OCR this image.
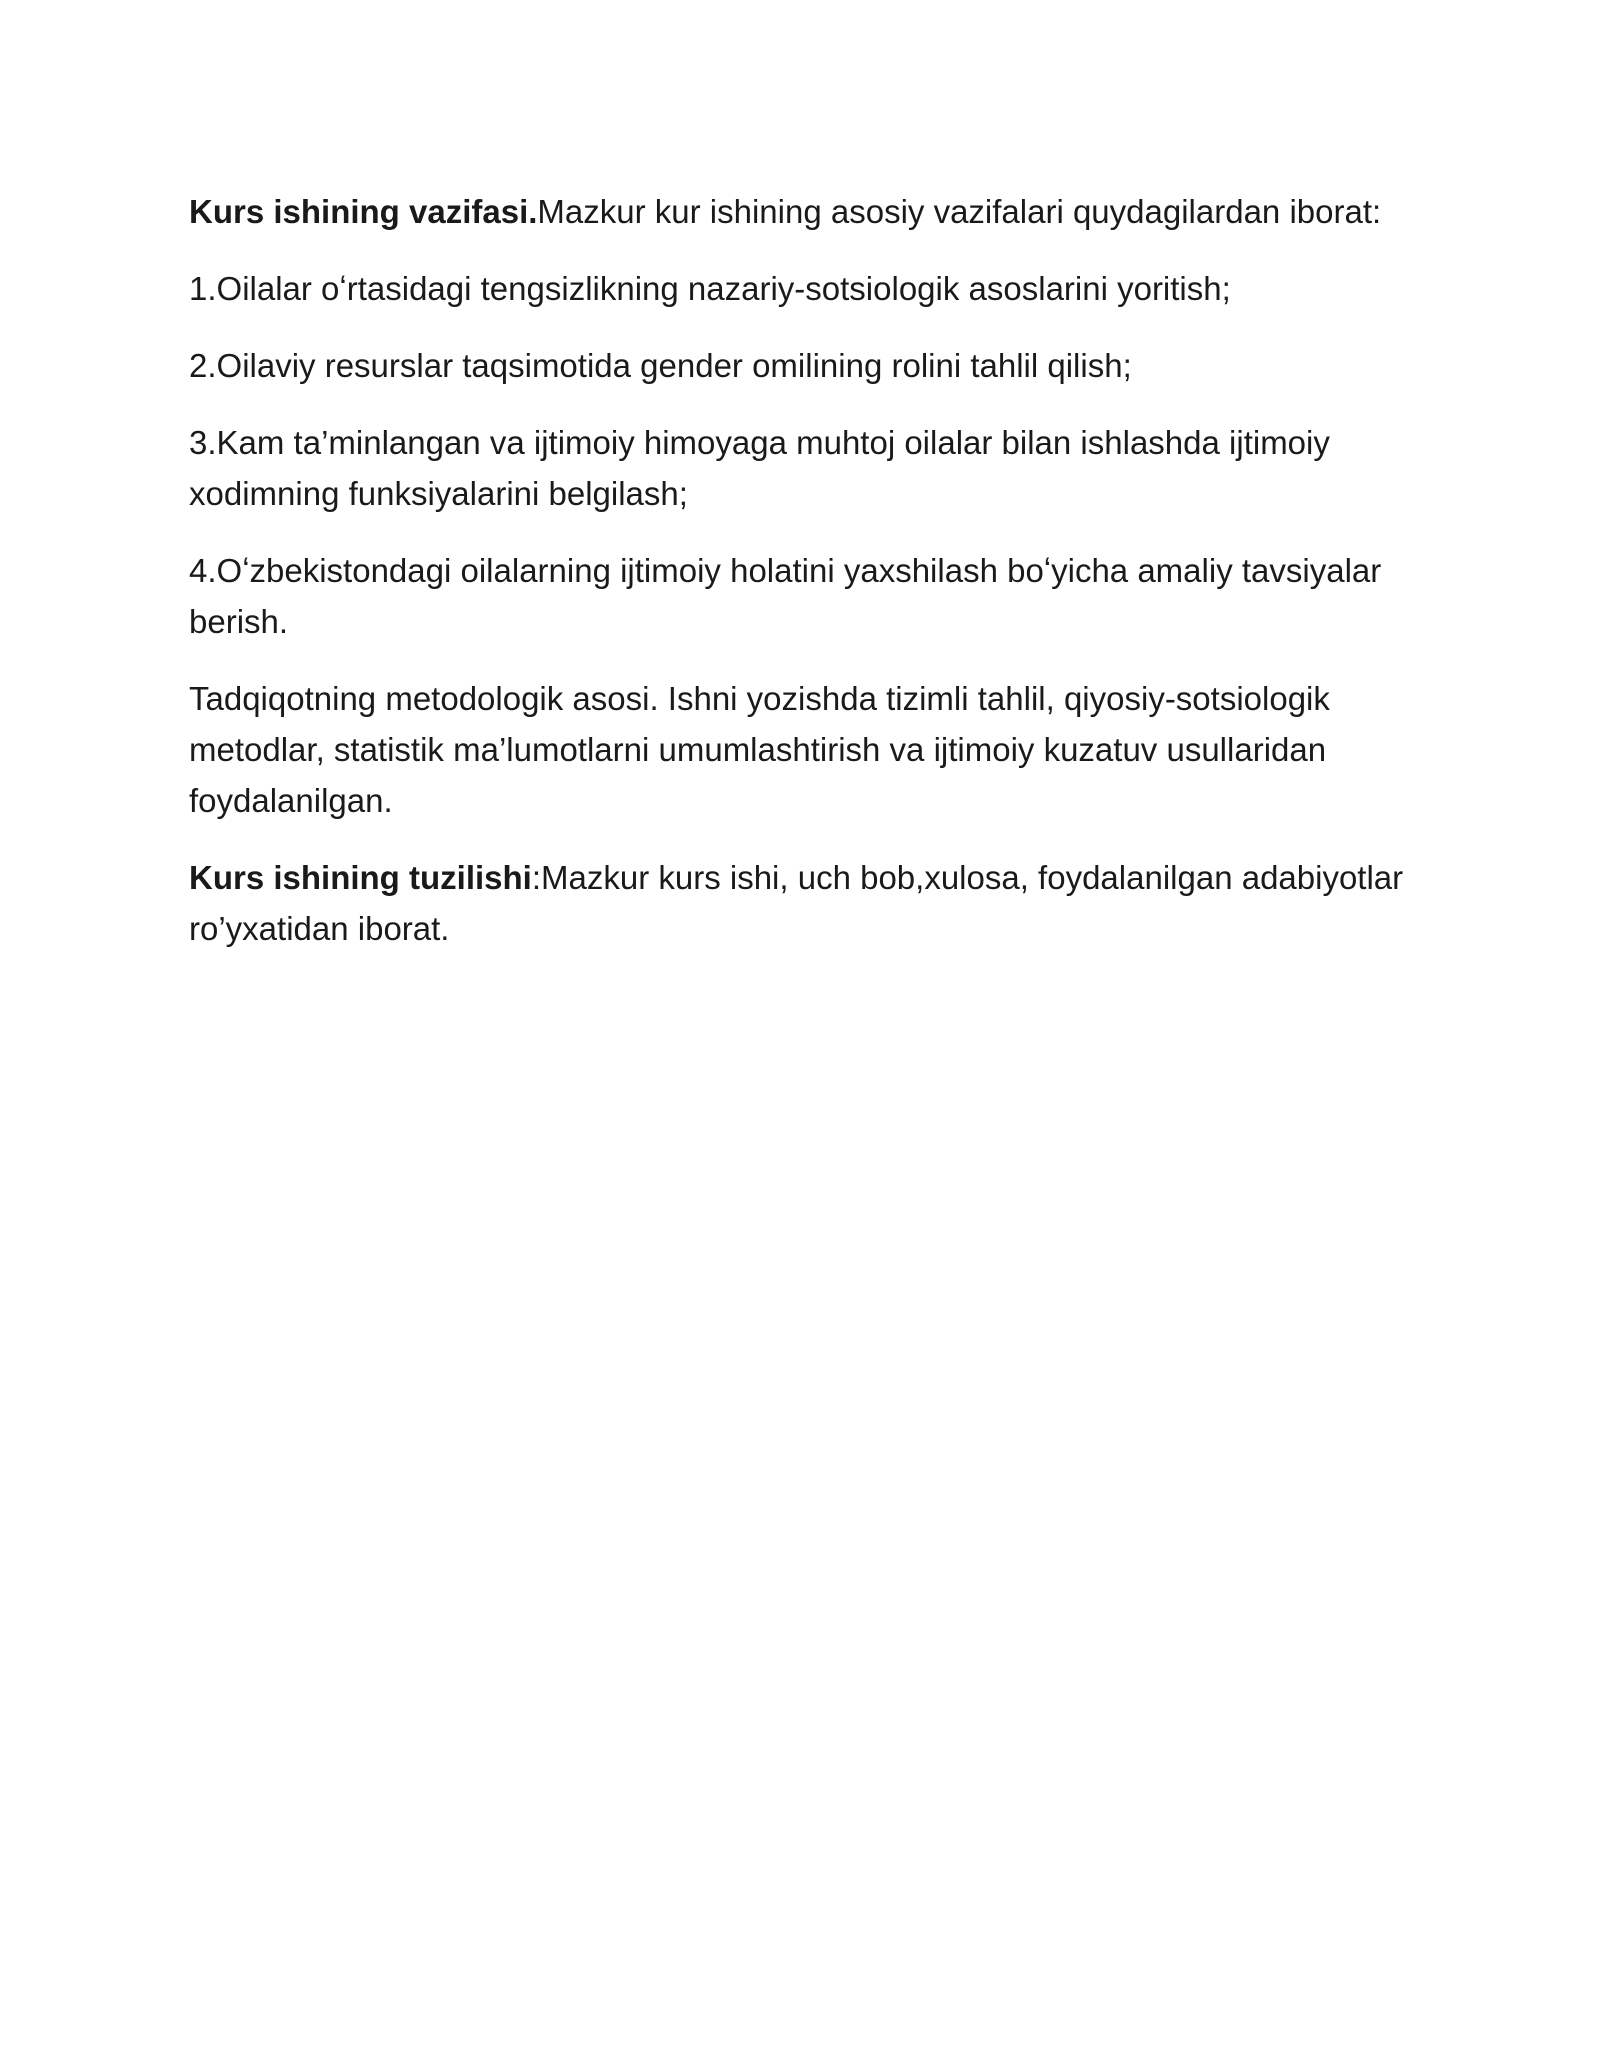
Kurs ishining vazifasi.Mazkur kur ishining asosiy vazifalari quydagilardan iborat:

1.Oilalar oʻrtasidagi tengsizlikning nazariy-sotsiologik asoslarini yoritish;

2.Oilaviy resurslar taqsimotida gender omilining rolini tahlil qilish;

3.Kam ta’minlangan va ijtimoiy himoyaga muhtoj oilalar bilan ishlashda ijtimoiy xodimning funksiyalarini belgilash;

4.Oʻzbekistondagi oilalarning ijtimoiy holatini yaxshilash boʻyicha amaliy tavsiyalar berish.

Tadqiqotning metodologik asosi. Ishni yozishda tizimli tahlil, qiyosiy-sotsiologik metodlar, statistik ma’lumotlarni umumlashtirish va ijtimoiy kuzatuv usullaridan foydalanilgan.

Kurs ishining tuzilishi:Mazkur kurs ishi, uch bob,xulosa, foydalanilgan adabiyotlar ro’yxatidan iborat.
